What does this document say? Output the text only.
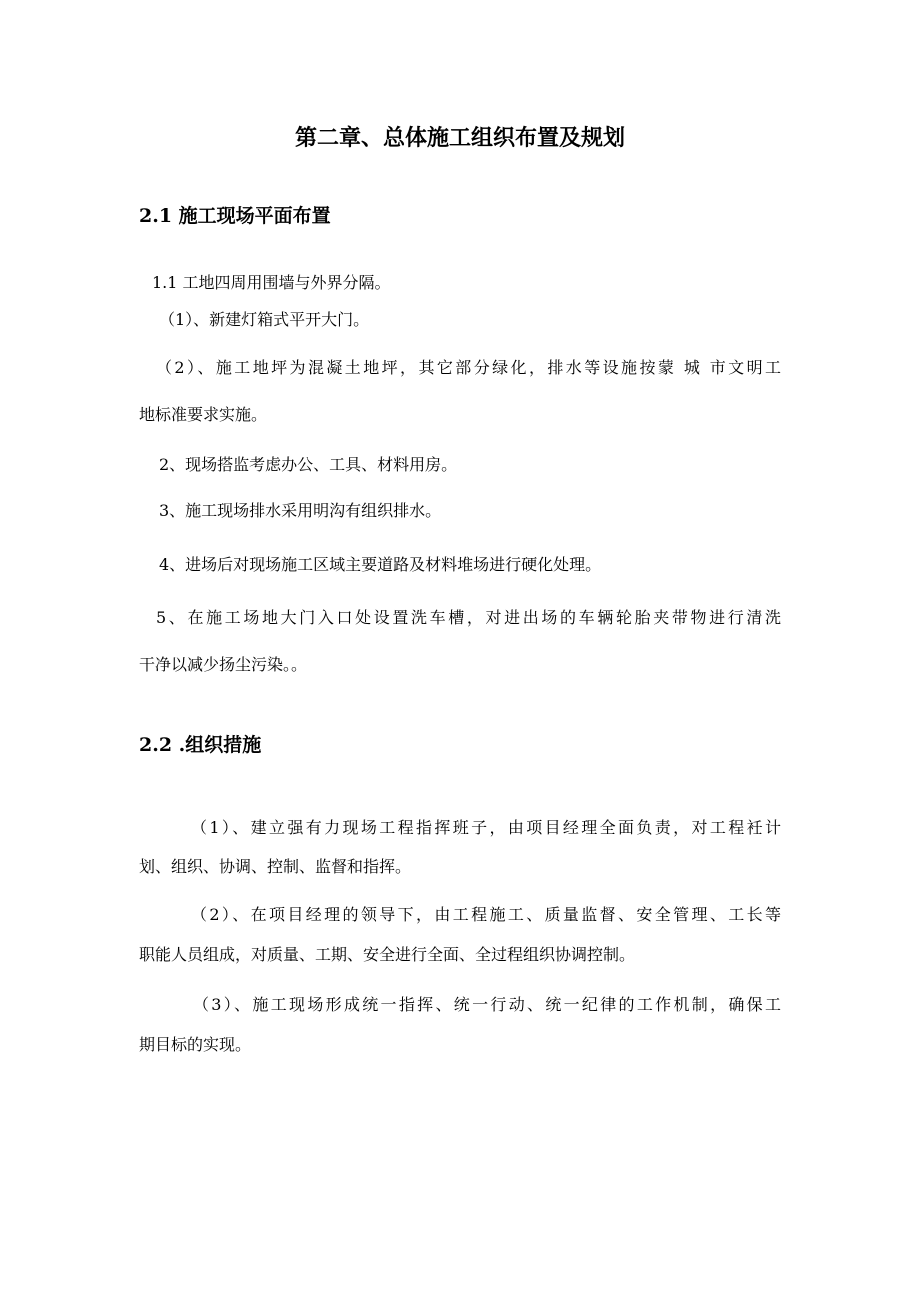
第二章、总体施工组织布置及规划
2.1 施工现场平面布置
1.1 工地四周用围墙与外界分隔。
（1）、新建灯箱式平开大门。
（2）、施工地坪为混凝土地坪，其它部分绿化，排水等设施按蒙 城 市文明工
地标准要求实施。
2、现场搭监考虑办公、工具、材料用房。
3、施工现场排水采用明沟有组织排水。
4、进场后对现场施工区域主要道路及材料堆场进行硬化处理。
5、在施工场地大门入口处设置洗车槽，对进出场的车辆轮胎夹带物进行清洗
干净以减少扬尘污染。。
2.2 .组织措施
（1）、建立强有力现场工程指挥班子，由项目经理全面负责，对工程衽计
划、组织、协调、控制、监督和指挥。
（2）、在项目经理的领导下，由工程施工、质量监督、安全管理、工长等
职能人员组成，对质量、工期、安全进行全面、全过程组织协调控制。
（3）、施工现场形成统一指挥、统一行动、统一纪律的工作机制，确保工
期目标的实现。
